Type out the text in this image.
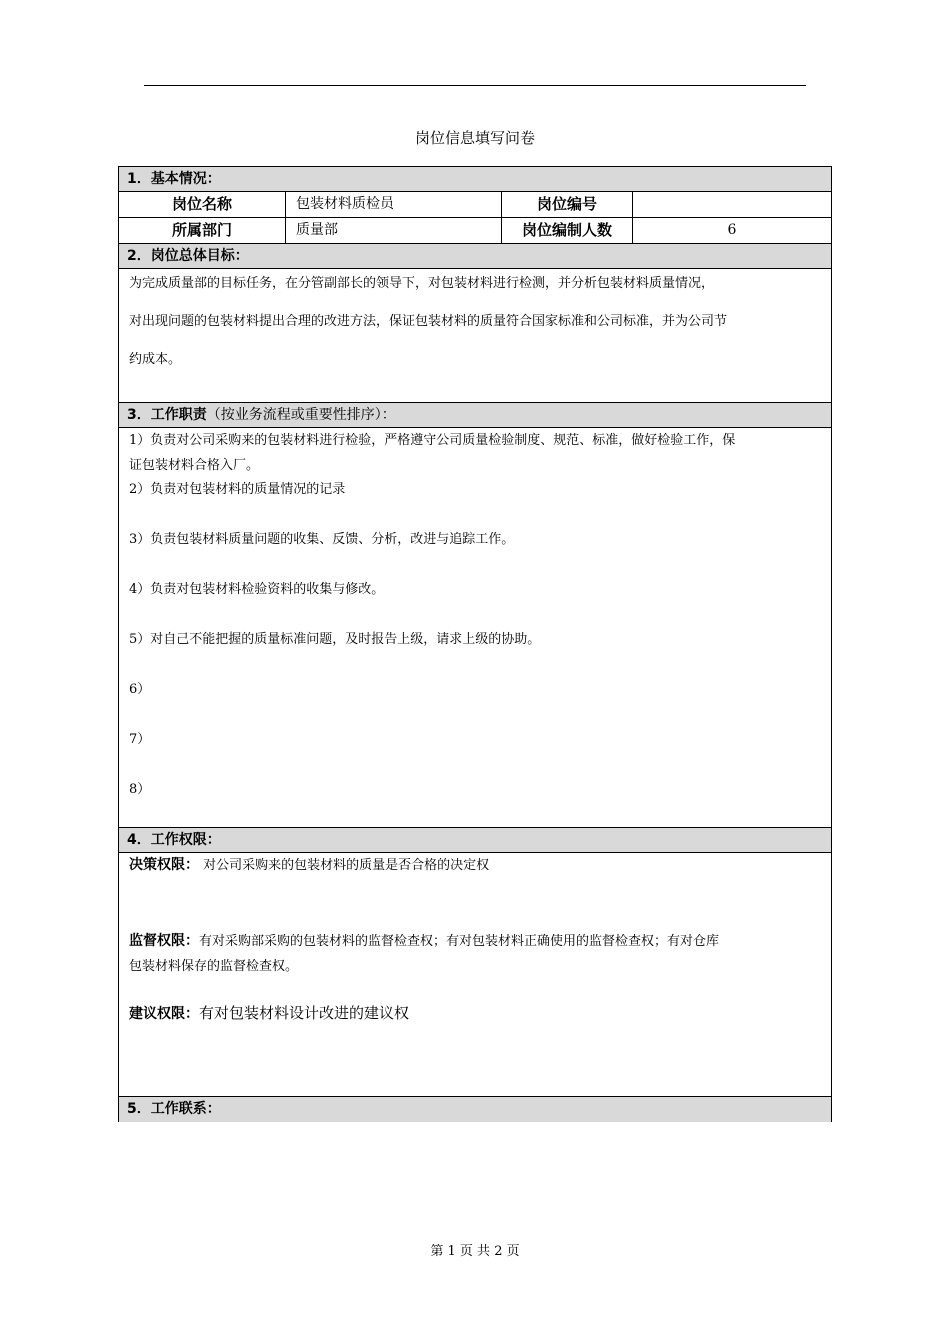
岗位信息填写问卷
1．基本情况：
岗位名称	包装材料质检员	岗位编号
所属部门	质量部	岗位编制人数	6
2．岗位总体目标：
为完成质量部的目标任务，在分管副部长的领导下，对包装材料进行检测，并分析包装材料质量情况，
对出现问题的包装材料提出合理的改进方法，保证包装材料的质量符合国家标准和公司标准，并为公司节
约成本。
3．工作职责（按业务流程或重要性排序）：
1）负责对公司采购来的包装材料进行检验，严格遵守公司质量检验制度、规范、标准，做好检验工作，保
证包装材料合格入厂。
2）负责对包装材料的质量情况的记录
3）负责包装材料质量问题的收集、反馈、分析，改进与追踪工作。
4）负责对包装材料检验资料的收集与修改。
5）对自己不能把握的质量标准问题，及时报告上级，请求上级的协助。
6）
7）
8）
4．工作权限：
决策权限： 对公司采购来的包装材料的质量是否合格的决定权
监督权限：有对采购部采购的包装材料的监督检查权；有对包装材料正确使用的监督检查权；有对仓库
包装材料保存的监督检查权。
建议权限：有对包装材料设计改进的建议权
5．工作联系：
第 1 页 共 2 页
